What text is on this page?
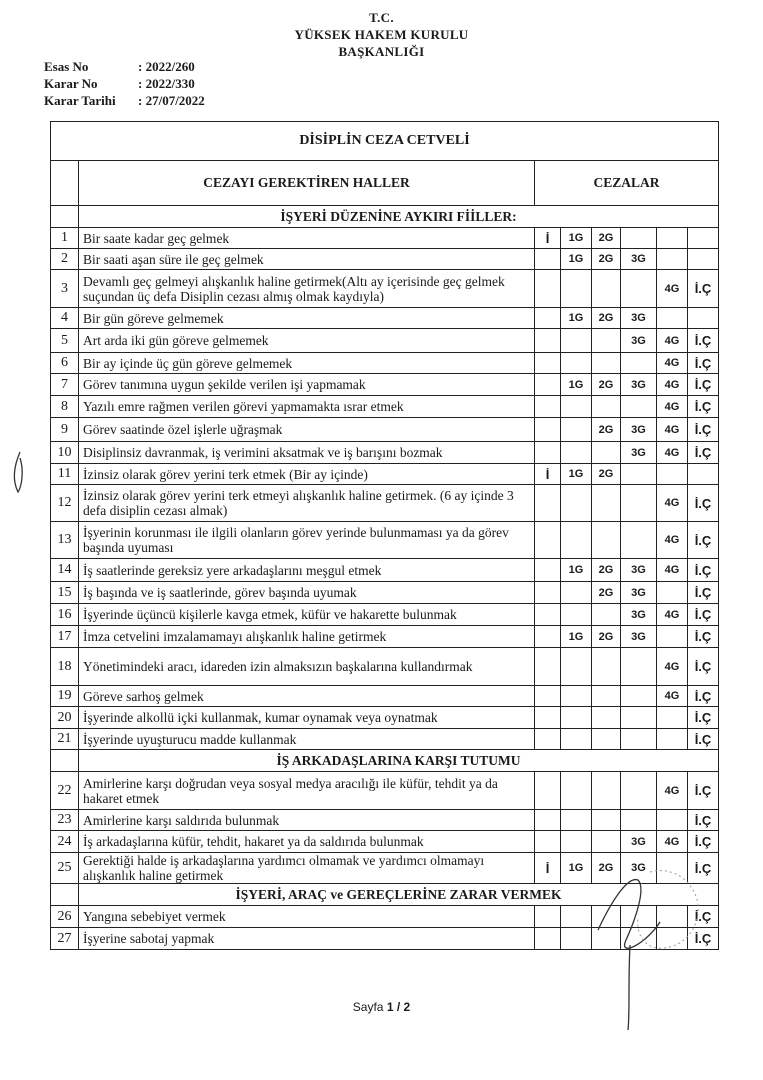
T.C.
YÜKSEK HAKEM KURULU
BAŞKANLIĞI
Esas No	: 2022/260
Karar No	: 2022/330
Karar Tarihi	: 27/07/2022
DİSİPLİN CEZA CETVELİ							
	CEZAYI GEREKTİREN HALLER	CEZALAR					
	İŞYERİ DÜZENİNE AYKIRI FİİLLER:						
1	Bir saate kadar geç gelmek	İ	1G	2G			
2	Bir saati aşan süre ile geç gelmek		1G	2G	3G		
3	Devamlı geç gelmeyi alışkanlık haline getirmek(Altı ay içerisinde geç gelmek suçundan üç defa Disiplin cezası almış olmak kaydıyla)					4G	İ.Ç
4	Bir gün göreve gelmemek		1G	2G	3G		
5	Art arda iki gün göreve gelmemek				3G	4G	İ.Ç
6	Bir ay içinde üç gün göreve gelmemek					4G	İ.Ç
7	Görev tanımına uygun şekilde verilen işi yapmamak		1G	2G	3G	4G	İ.Ç
8	Yazılı emre rağmen verilen görevi yapmamakta ısrar etmek					4G	İ.Ç
9	Görev saatinde özel işlerle uğraşmak			2G	3G	4G	İ.Ç
10	Disiplinsiz davranmak, iş verimini aksatmak ve iş barışını bozmak				3G	4G	İ.Ç
11	İzinsiz olarak görev yerini terk etmek (Bir ay içinde)	İ	1G	2G			
12	İzinsiz olarak görev yerini terk etmeyi alışkanlık haline getirmek. (6 ay içinde 3 defa disiplin cezası almak)					4G	İ.Ç
13	İşyerinin korunması ile ilgili olanların görev yerinde bulunmaması ya da görev başında uyuması					4G	İ.Ç
14	İş saatlerinde gereksiz yere arkadaşlarını meşgul etmek		1G	2G	3G	4G	İ.Ç
15	İş başında ve iş saatlerinde, görev başında uyumak			2G	3G		İ.Ç
16	İşyerinde üçüncü kişilerle kavga etmek, küfür ve hakarette bulunmak				3G	4G	İ.Ç
17	İmza cetvelini imzalamamayı alışkanlık haline getirmek		1G	2G	3G		İ.Ç
18	Yönetimindeki aracı, idareden izin almaksızın başkalarına kullandırmak					4G	İ.Ç
19	Göreve sarhoş gelmek					4G	İ.Ç
20	İşyerinde alkollü içki kullanmak, kumar oynamak veya oynatmak						İ.Ç
21	İşyerinde uyuşturucu madde kullanmak						İ.Ç
	İŞ ARKADAŞLARINA KARŞI TUTUMU						
22	Amirlerine karşı doğrudan veya sosyal medya aracılığı ile küfür, tehdit ya da hakaret etmek					4G	İ.Ç
23	Amirlerine karşı saldırıda bulunmak						İ.Ç
24	İş arkadaşlarına küfür, tehdit, hakaret ya da saldırıda bulunmak				3G	4G	İ.Ç
25	Gerektiği halde iş arkadaşlarına yardımcı olmamak ve yardımcı olmamayı alışkanlık haline getirmek	İ	1G	2G	3G		İ.Ç
	İŞYERİ, ARAÇ ve GEREÇLERİNE ZARAR VERMEK						
26	Yangına sebebiyet vermek						İ.Ç
27	İşyerine sabotaj yapmak						İ.Ç
Sayfa 1 / 2
